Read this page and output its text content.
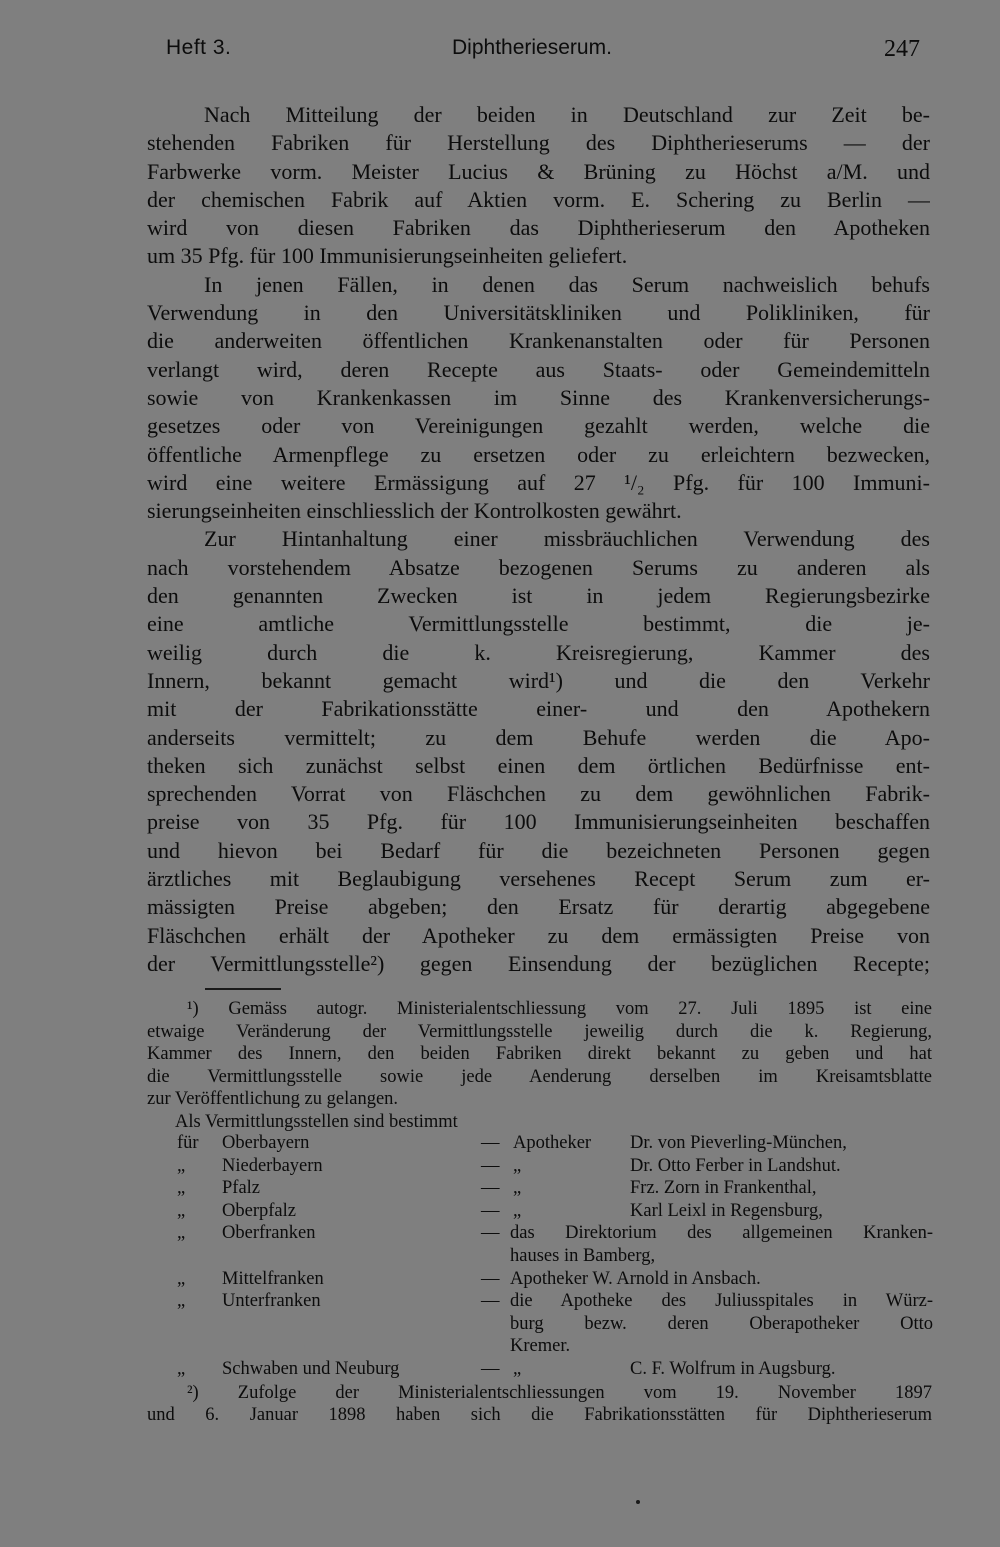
Heft 3.	Diphtherieserum.	247
Nach Mitteilung der beiden in Deutschland zur Zeit be-
stehenden Fabriken für Herstellung des Diphtherieserums — der
Farbwerke vorm. Meister Lucius & Brüning zu Höchst a/M. und
der chemischen Fabrik auf Aktien vorm. E. Schering zu Berlin —
wird von diesen Fabriken das Diphtherieserum den Apotheken
um 35 Pfg. für 100 Immunisierungseinheiten geliefert.
In jenen Fällen, in denen das Serum nachweislich behufs
Verwendung in den Universitätskliniken und Polikliniken, für
die anderweiten öffentlichen Krankenanstalten oder für Personen
verlangt wird, deren Recepte aus Staats- oder Gemeindemitteln
sowie von Krankenkassen im Sinne des Krankenversicherungs-
gesetzes oder von Vereinigungen gezahlt werden, welche die
öffentliche Armenpflege zu ersetzen oder zu erleichtern bezwecken,
wird eine weitere Ermässigung auf 27 ¹/₂ Pfg. für 100 Immuni-
sierungseinheiten einschliesslich der Kontrolkosten gewährt.
Zur Hintanhaltung einer missbräuchlichen Verwendung des
nach vorstehendem Absatze bezogenen Serums zu anderen als
den genannten Zwecken ist in jedem Regierungsbezirke
eine amtliche Vermittlungsstelle bestimmt, die je-
weilig durch die k. Kreisregierung, Kammer des
Innern, bekannt gemacht wird¹) und die den Verkehr
mit der Fabrikationsstätte einer- und den Apothekern
anderseits vermittelt; zu dem Behufe werden die Apo-
theken sich zunächst selbst einen dem örtlichen Bedürfnisse ent-
sprechenden Vorrat von Fläschchen zu dem gewöhnlichen Fabrik-
preise von 35 Pfg. für 100 Immunisierungseinheiten beschaffen
und hievon bei Bedarf für die bezeichneten Personen gegen
ärztliches mit Beglaubigung versehenes Recept Serum zum er-
mässigten Preise abgeben; den Ersatz für derartig abgegebene
Fläschchen erhält der Apotheker zu dem ermässigten Preise von
der Vermittlungsstelle²) gegen Einsendung der bezüglichen Recepte;
¹) Gemäss autogr. Ministerialentschliessung vom 27. Juli 1895 ist eine
etwaige Veränderung der Vermittlungsstelle jeweilig durch die k. Regierung,
Kammer des Innern, den beiden Fabriken direkt bekannt zu geben und hat
die Vermittlungsstelle sowie jede Aenderung derselben im Kreisamtsblatte
zur Veröffentlichung zu gelangen.
Als Vermittlungsstellen sind bestimmt
für Oberbayern	— Apotheker Dr. von Pieverling-München,
„ Niederbayern	— „	Dr. Otto Ferber in Landshut.
„ Pfalz	— „	Frz. Zorn in Frankenthal,
„ Oberpfalz	— „	Karl Leixl in Regensburg,
„ Oberfranken	— das Direktorium des allgemeinen Kranken-
hauses in Bamberg,
„ Mittelfranken	— Apotheker W. Arnold in Ansbach.
„ Unterfranken	— die Apotheke des Juliusspitales in Würz-
burg bezw. deren Oberapotheker Otto
Kremer.
„ Schwaben und Neuburg	— „	C. F. Wolfrum in Augsburg.
²) Zufolge der Ministerialentschliessungen vom 19. November 1897
und 6. Januar 1898 haben sich die Fabrikationsstätten für Diphtherieserum
